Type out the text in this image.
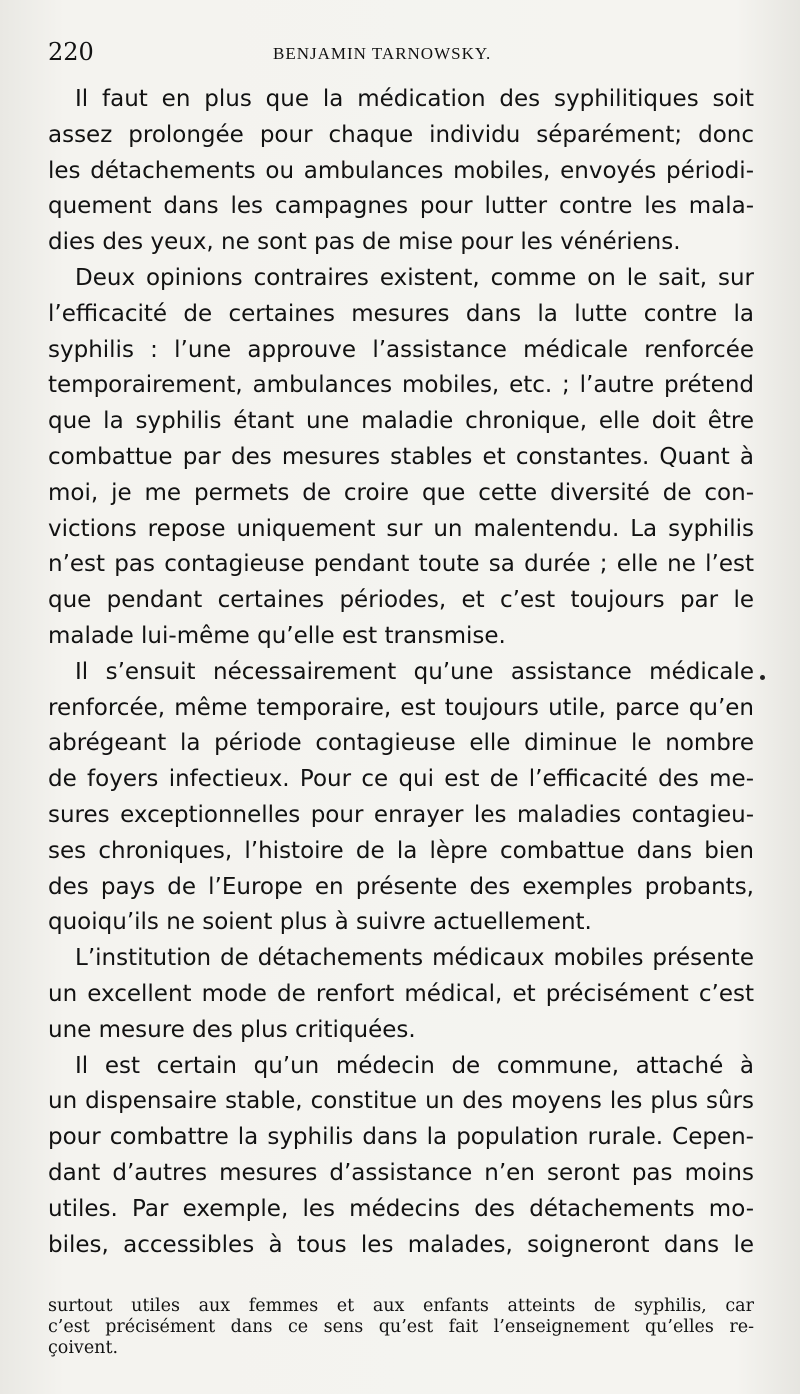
220	BENJAMIN TARNOWSKY.
Il faut en plus que la médication des syphilitiques soit
assez prolongée pour chaque individu séparément; donc
les détachements ou ambulances mobiles, envoyés périodi-
quement dans les campagnes pour lutter contre les mala-
dies des yeux, ne sont pas de mise pour les vénériens.
Deux opinions contraires existent, comme on le sait, sur
l’efficacité de certaines mesures dans la lutte contre la
syphilis : l’une approuve l’assistance médicale renforcée
temporairement, ambulances mobiles, etc. ; l’autre prétend
que la syphilis étant une maladie chronique, elle doit être
combattue par des mesures stables et constantes. Quant à
moi, je me permets de croire que cette diversité de con-
victions repose uniquement sur un malentendu. La syphilis
n’est pas contagieuse pendant toute sa durée ; elle ne l’est
que pendant certaines périodes, et c’est toujours par le
malade lui-même qu’elle est transmise.
Il s’ensuit nécessairement qu’une assistance médicale
renforcée, même temporaire, est toujours utile, parce qu’en
abrégeant la période contagieuse elle diminue le nombre
de foyers infectieux. Pour ce qui est de l’efficacité des me-
sures exceptionnelles pour enrayer les maladies contagieu-
ses chroniques, l’histoire de la lèpre combattue dans bien
des pays de l’Europe en présente des exemples probants,
quoiqu’ils ne soient plus à suivre actuellement.
L’institution de détachements médicaux mobiles présente
un excellent mode de renfort médical, et précisément c’est
une mesure des plus critiquées.
Il est certain qu’un médecin de commune, attaché à
un dispensaire stable, constitue un des moyens les plus sûrs
pour combattre la syphilis dans la population rurale. Cepen-
dant d’autres mesures d’assistance n’en seront pas moins
utiles. Par exemple, les médecins des détachements mo-
biles, accessibles à tous les malades, soigneront dans le
surtout utiles aux femmes et aux enfants atteints de syphilis, car
c’est précisément dans ce sens qu’est fait l’enseignement qu’elles re-
çoivent.
